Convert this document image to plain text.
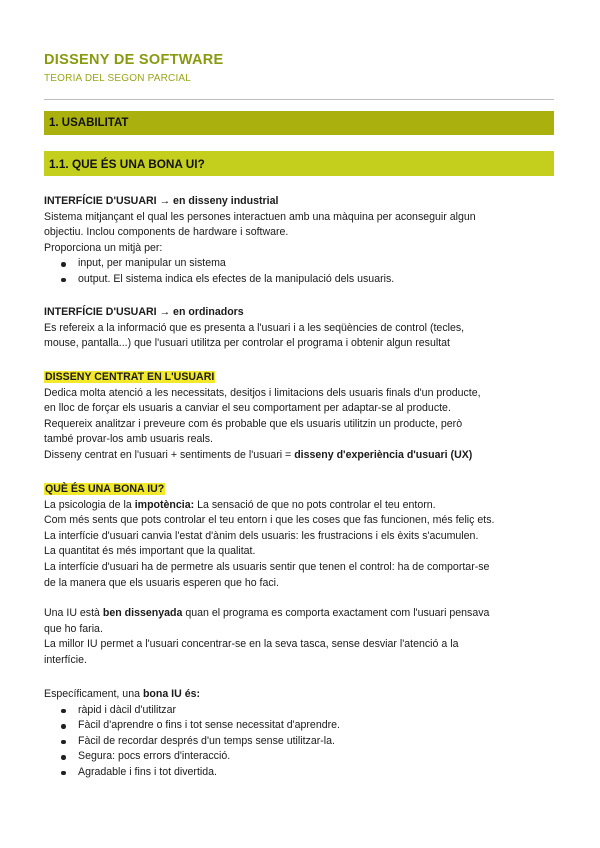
DISSENY DE SOFTWARE
TEORIA DEL SEGON PARCIAL
1. USABILITAT
1.1. QUE ÉS UNA BONA UI?

INTERFÍCIE D'USUARI → en disseny industrial

Sistema mitjançant el qual les persones interactuen amb una màquina per aconseguir algun

objectiu. Inclou components de hardware i software.

Proporciona un mitjà per:

input, per manipular un sistema
output. El sistema indica els efectes de la manipulació dels usuaris.

INTERFÍCIE D'USUARI → en ordinadors

Es refereix a la informació que es presenta a l'usuari i a les seqüències de control (tecles,

mouse, pantalla...) que l'usuari utilitza per controlar el programa i obtenir algun resultat

DISSENY CENTRAT EN L'USUARI

Dedica molta atenció a les necessitats, desitjos i limitacions dels usuaris finals d'un producte,

en lloc de forçar els usuaris a canviar el seu comportament per adaptar-se al producte.

Requereix analitzar i preveure com és probable que els usuaris utilitzin un producte, però

també provar-los amb usuaris reals.

Disseny centrat en l'usuari + sentiments de l'usuari = disseny d'experiència d'usuari (UX)

QUÈ ÉS UNA BONA IU?

La psicologia de la impotència: La sensació de que no pots controlar el teu entorn.

Com més sents que pots controlar el teu entorn i que les coses que fas funcionen, més feliç ets.

La interfície d'usuari canvia l'estat d'ànim dels usuaris: les frustracions i els èxits s'acumulen.

La quantitat és més important que la qualitat.

La interfície d'usuari ha de permetre als usuaris sentir que tenen el control: ha de comportar-se

de la manera que els usuaris esperen que ho faci.

Una IU està ben dissenyada quan el programa es comporta exactament com l'usuari pensava

que ho faria.

La millor IU permet a l'usuari concentrar-se en la seva tasca, sense desviar l'atenció a la

interfície.

Específicament, una bona IU és:

ràpid i dàcil d'utilitzar
Fàcil d'aprendre o fins i tot sense necessitat d'aprendre.
Fàcil de recordar després d'un temps sense utilitzar-la.
Segura: pocs errors d'interacció.
Agradable i fins i tot divertida.
